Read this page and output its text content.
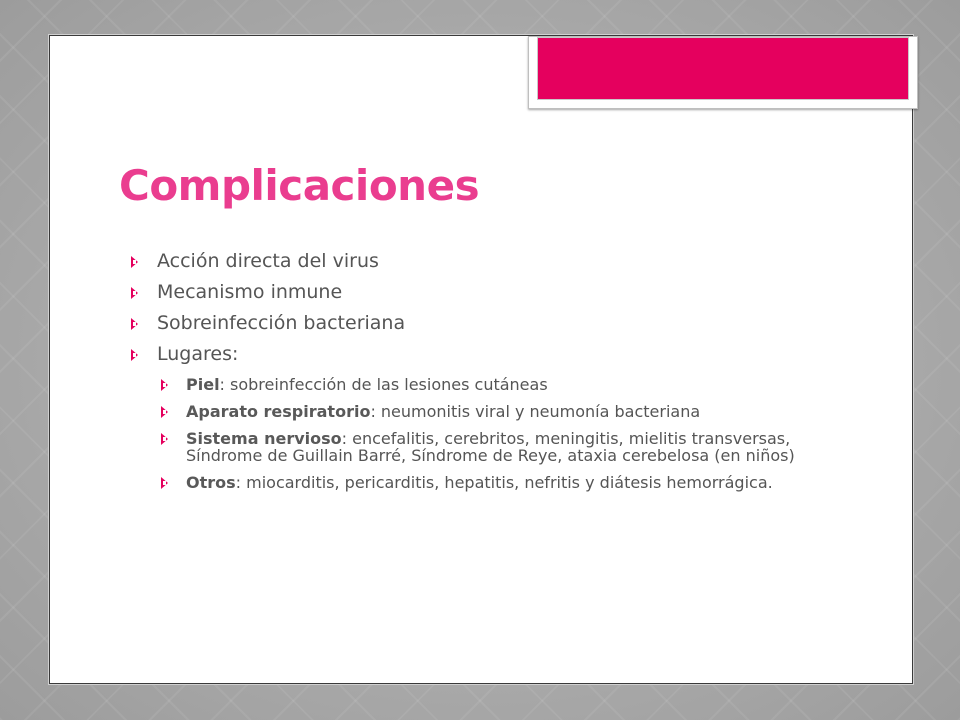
Complicaciones
Acción directa del virus
Mecanismo inmune
Sobreinfección bacteriana
Lugares:
Piel: sobreinfección de las lesiones cutáneas
Aparato respiratorio: neumonitis viral y neumonía bacteriana
Sistema nervioso: encefalitis, cerebritos, meningitis, mielitis transversas, Síndrome de Guillain Barré, Síndrome de Reye, ataxia cerebelosa (en niños)
Otros: miocarditis, pericarditis, hepatitis, nefritis y diátesis hemorrágica.
